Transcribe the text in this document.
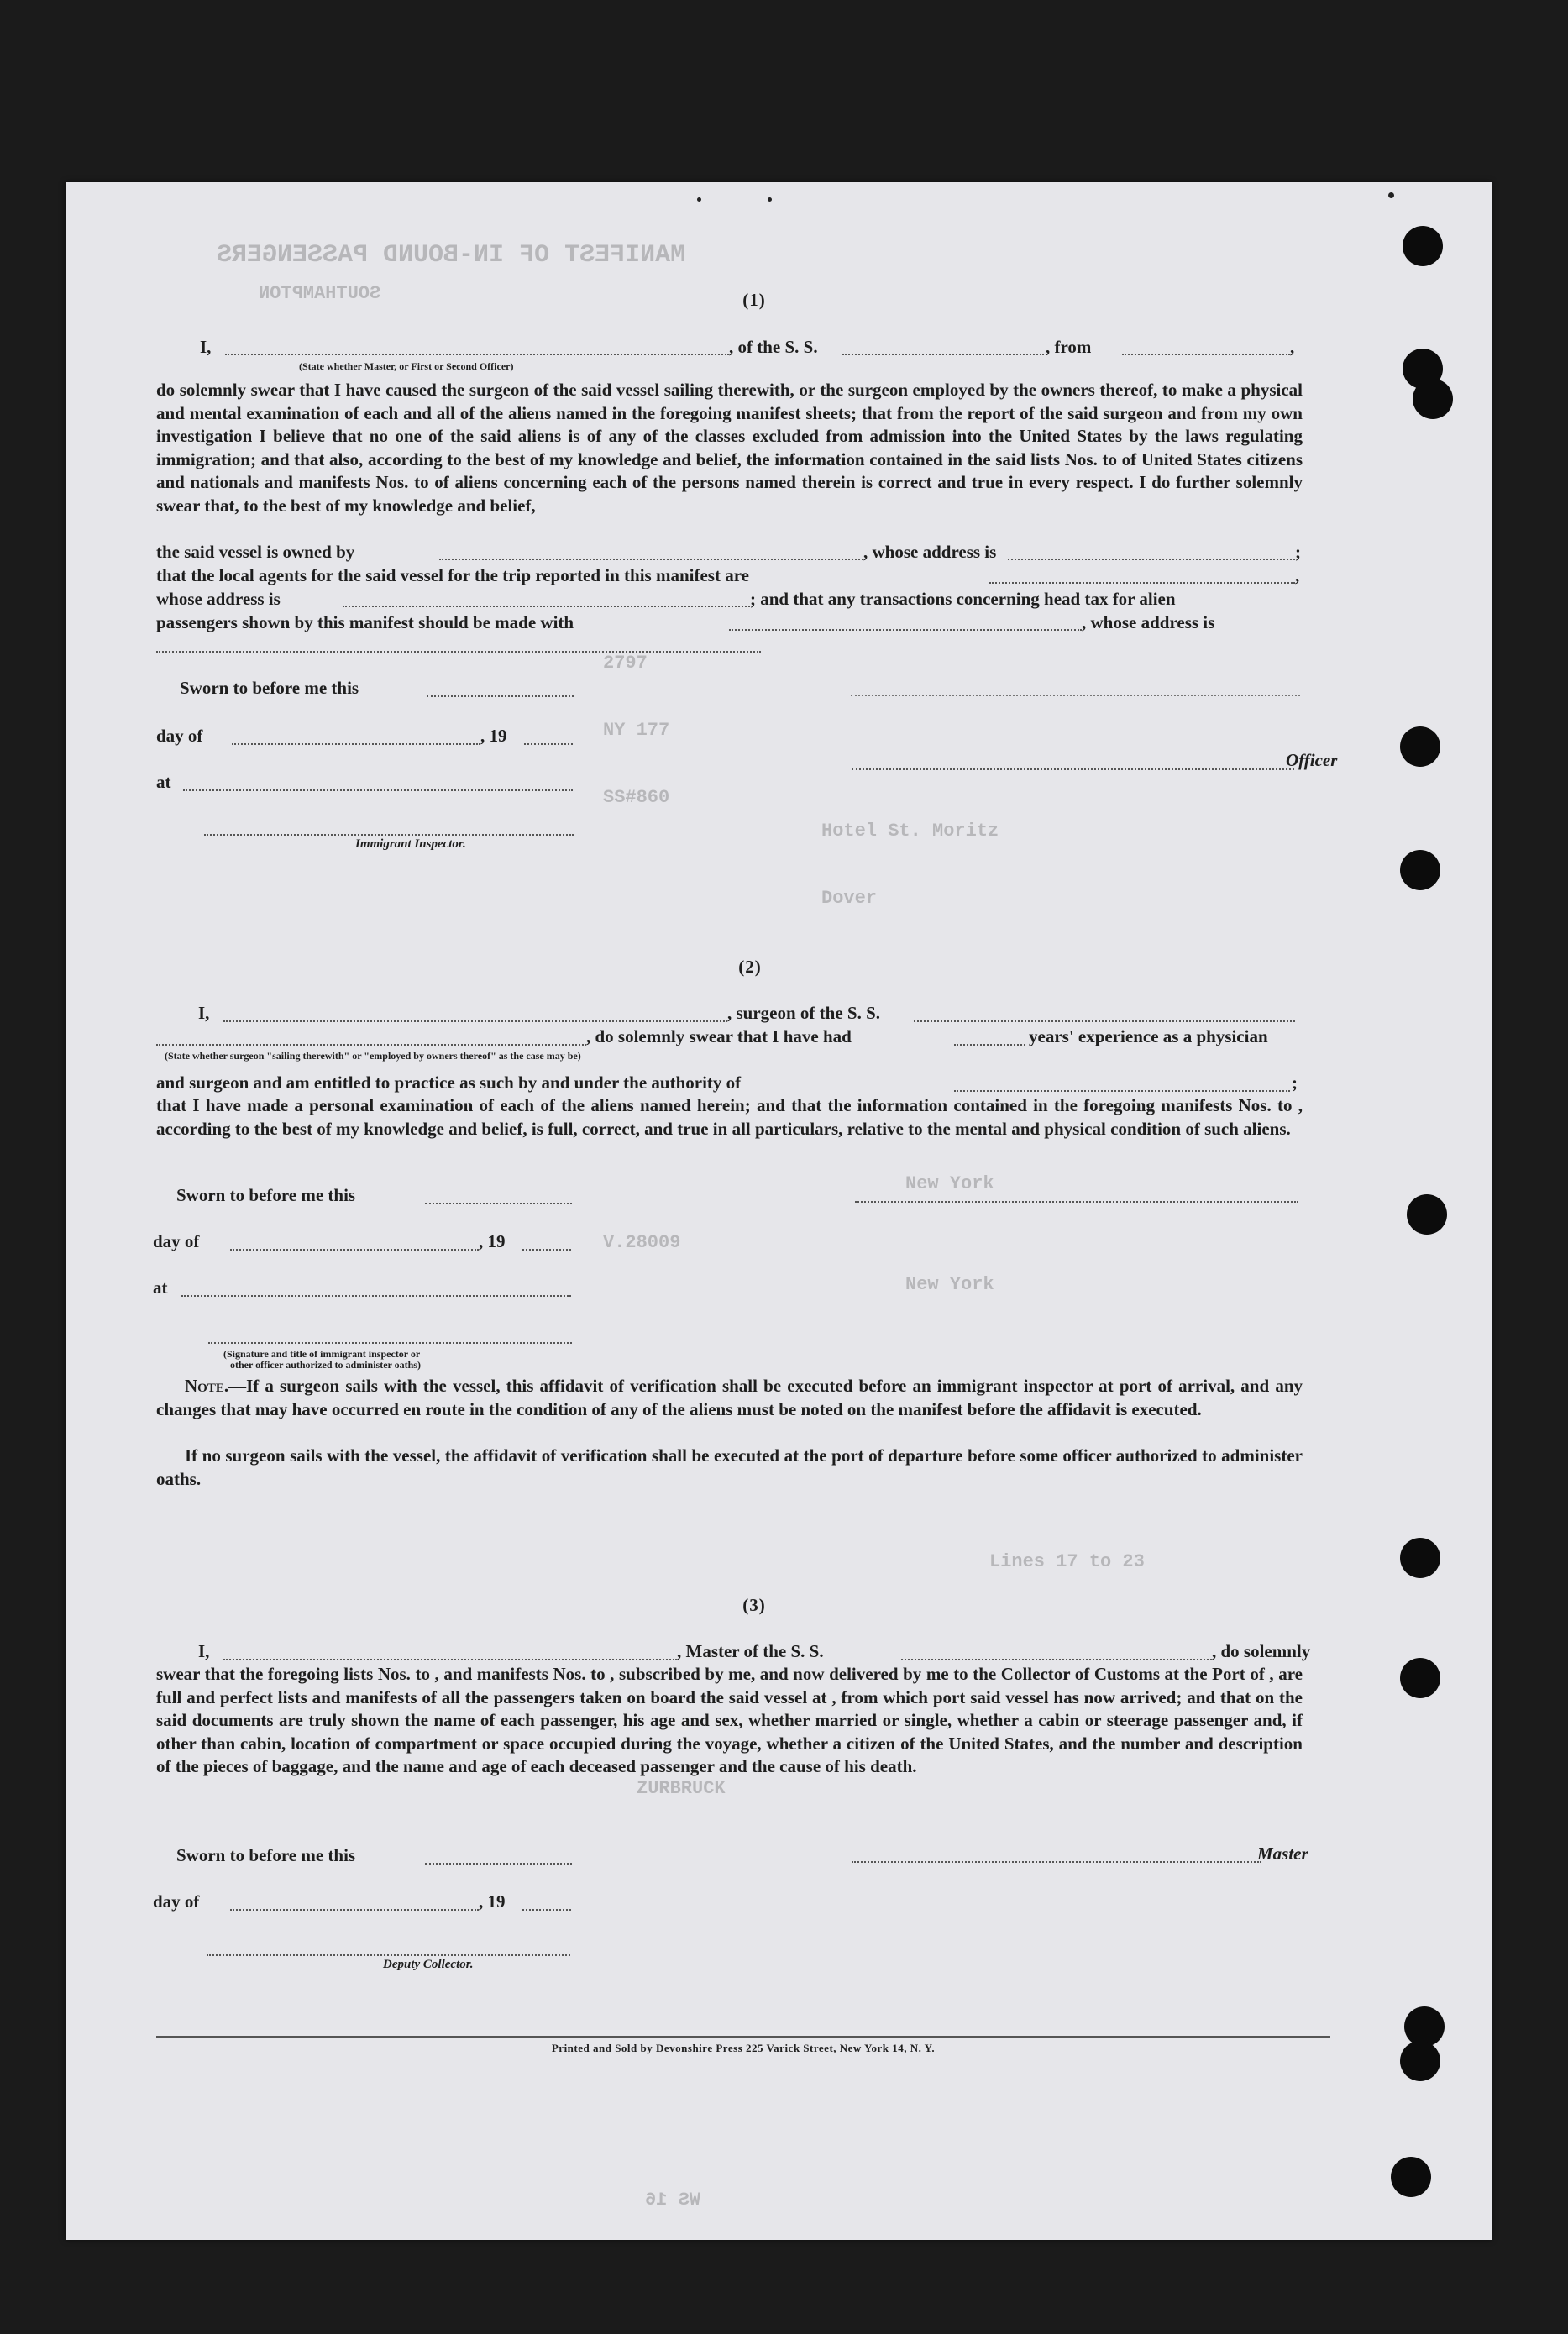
MANIFEST OF IN-BOUND PASSENGERS
SOUTHAMPTON
2797
NY 177
SS#860
Hotel St. Moritz
Dover
New York
V.28009
New York
Lines 17 to 23
ZURBRUCK
WS 16
(1)
I,	, of the S. S.	, from	,
(State whether Master, or First or Second Officer)
do solemnly swear that I have caused the surgeon of the said vessel sailing therewith, or the surgeon employed by the owners thereof, to make a physical and mental examination of each and all of the aliens named in the foregoing manifest sheets; that from the report of the said surgeon and from my own investigation I believe that no one of the said aliens is of any of the classes excluded from admission into the United States by the laws regulating immigration; and that also, according to the best of my knowledge and belief, the information contained in the said lists Nos. to of United States citizens and nationals and manifests Nos. to of aliens concerning each of the persons named therein is correct and true in every respect. I do further solemnly swear that, to the best of my knowledge and belief,
the said vessel is owned by	, whose address is	;
that the local agents for the said vessel for the trip reported in this manifest are	,
whose address is	; and that any transactions concerning head tax for alien
passengers shown by this manifest should be made with	, whose address is
Sworn to before me this
day of	, 19
at
Officer
Immigrant Inspector.
(2)
I,	, surgeon of the S. S.
, do solemnly swear that I have had	years' experience as a physician
(State whether surgeon "sailing therewith" or "employed by owners thereof" as the case may be)
and surgeon and am entitled to practice as such by and under the authority of	;
that I have made a personal examination of each of the aliens named herein; and that the information contained in the foregoing manifests Nos. to , according to the best of my knowledge and belief, is full, correct, and true in all particulars, relative to the mental and physical condition of such aliens.
Sworn to before me this
day of	, 19
at
(Signature and title of immigrant inspector or
other officer authorized to administer oaths)
Note.—If a surgeon sails with the vessel, this affidavit of verification shall be executed before an immigrant inspector at port of arrival, and any changes that may have occurred en route in the condition of any of the aliens must be noted on the manifest before the affidavit is executed.
If no surgeon sails with the vessel, the affidavit of verification shall be executed at the port of departure before some officer authorized to administer oaths.
(3)
I,	, Master of the S. S.	, do solemnly
swear that the foregoing lists Nos. to , and manifests Nos. to , subscribed by me, and now delivered by me to the Collector of Customs at the Port of , are full and perfect lists and manifests of all the passengers taken on board the said vessel at , from which port said vessel has now arrived; and that on the said documents are truly shown the name of each passenger, his age and sex, whether married or single, whether a cabin or steerage passenger and, if other than cabin, location of compartment or space occupied during the voyage, whether a citizen of the United States, and the number and description of the pieces of baggage, and the name and age of each deceased passenger and the cause of his death.
Sworn to before me this	Master
day of	, 19
Deputy Collector.
Printed and Sold by Devonshire Press 225 Varick Street, New York 14, N. Y.
